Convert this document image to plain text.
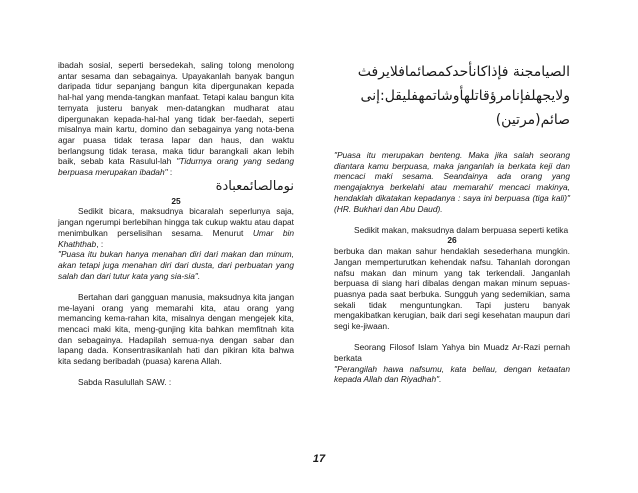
ibadah sosial, seperti bersedekah, saling tolong menolong antar sesama dan sebagainya. Upayakanlah banyak bangun daripada tidur sepanjang bangun kita dipergunakan kepada hal-hal yang menda-tangkan manfaat. Tetapi kalau bangun kita ternyata justeru banyak men-datangkan mudharat atau dipergunakan kepada-hal-hal yang tidak ber-faedah, seperti misalnya main kartu, domino dan sebagainya yang nota-bena agar puasa tidak terasa lapar dan haus, dan waktu berlangsung tidak terasa, maka tidur barangkali akan lebih baik, sebab kata Rasulul-lah "Tidurnya orang yang sedang berpuasa merupakan ibadah" :

نومالصائمعبادة

25

Sedikit bicara, maksudnya bicaralah seperlunya saja, jangan ngerumpi berlebihan hingga tak cukup waktu atau dapat menimbulkan perselisihan sesama. Menurut Umar bin Khaththab, :

"Puasa itu bukan hanya menahan diri dari makan dan minum, akan tetapi juga menahan diri dari dusta, dari perbuatan yang salah dan dari tutur kata yang sia-sia".

Bertahan dari gangguan manusia, maksudnya kita jangan me-layani orang yang memarahi kita, atau orang yang memancing kema-rahan kita, misalnya dengan mengejek kita, mencaci maki kita, meng-gunjing kita bahkan memfitnah kita dan sebagainya. Hadapilah semua-nya dengan sabar dan lapang dada. Konsentrasikanlah hati dan pikiran kita bahwa kita sedang beribadah (puasa) karena Allah.

Sabda Rasulullah SAW. :

الصيامجنة فإذاكانأحدكمصائمافلايرفث
ولايجهلفإنامرؤقاتلهأوشاتمهفليقل:إنى
صائم(مرتين)

"Puasa itu merupakan benteng. Maka jika salah seorang diantara kamu berpuasa, maka janganlah ia berkata keji dan mencaci maki sesama. Seandainya ada orang yang mengajaknya berkelahi atau memarahi/ mencaci makinya, hendaklah dikatakan kepadanya : saya ini berpuasa (tiga kali)" (HR. Bukhari dan Abu Daud).

Sedikit makan, maksudnya dalam berpuasa seperti ketika

26

berbuka dan makan sahur hendaklah sesederhana mungkin. Jangan memperturutkan kehendak nafsu. Tahanlah dorongan nafsu makan dan minum yang tak terkendali. Janganlah berpuasa di siang hari dibalas dengan makan minum sepuas-puasnya pada saat berbuka. Sungguh yang sedemikian, sama sekali tidak menguntungkan. Tapi justeru banyak mengakibatkan kerugian, baik dari segi kesehatan maupun dari segi ke-jiwaan.

Seorang Filosof Islam Yahya bin Muadz Ar-Razi pernah berkata

"Perangilah hawa nafsumu, kata bellau, dengan ketaatan kepada Allah dan Riyadhah".

17
